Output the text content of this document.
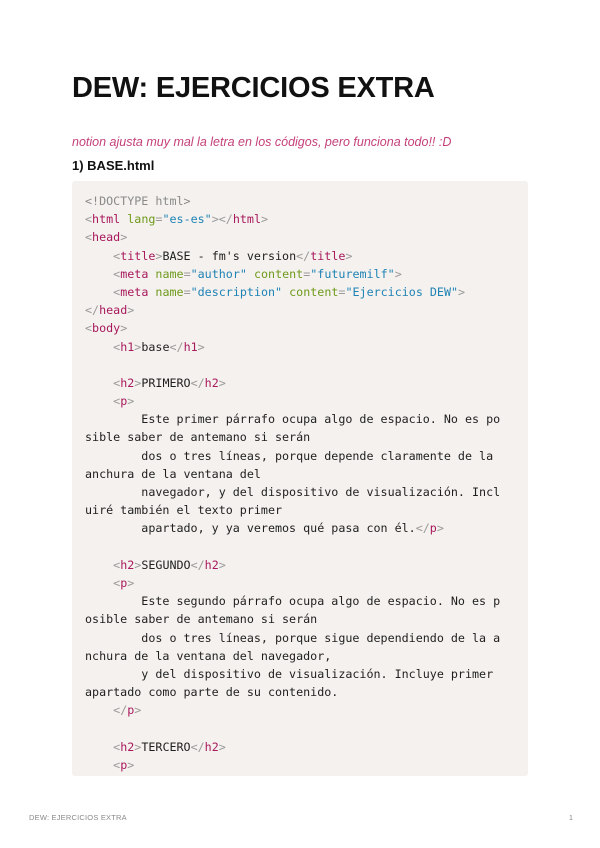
DEW: EJERCICIOS EXTRA
notion ajusta muy mal la letra en los códigos, pero funciona todo!! :D
1) BASE.html
<!DOCTYPE html>
<html lang="es-es"></html>
<head>
<title>BASE - fm's version</title>
<meta name="author" content="futuremilf">
<meta name="description" content="Ejercicios DEW">
</head>
<body>
<h1>base</h1>
<h2>PRIMERO</h2>
<p>
Este primer párrafo ocupa algo de espacio. No es po
sible saber de antemano si serán
dos o tres líneas, porque depende claramente de la
anchura de la ventana del
navegador, y del dispositivo de visualización. Incl
uiré también el texto primer
apartado, y ya veremos qué pasa con él.</p>
<h2>SEGUNDO</h2>
<p>
Este segundo párrafo ocupa algo de espacio. No es p
osible saber de antemano si serán
dos o tres líneas, porque sigue dependiendo de la a
nchura de la ventana del navegador,
y del dispositivo de visualización. Incluye primer
apartado como parte de su contenido.
</p>
<h2>TERCERO</h2>
<p>
DEW: EJERCICIOS EXTRA	1
